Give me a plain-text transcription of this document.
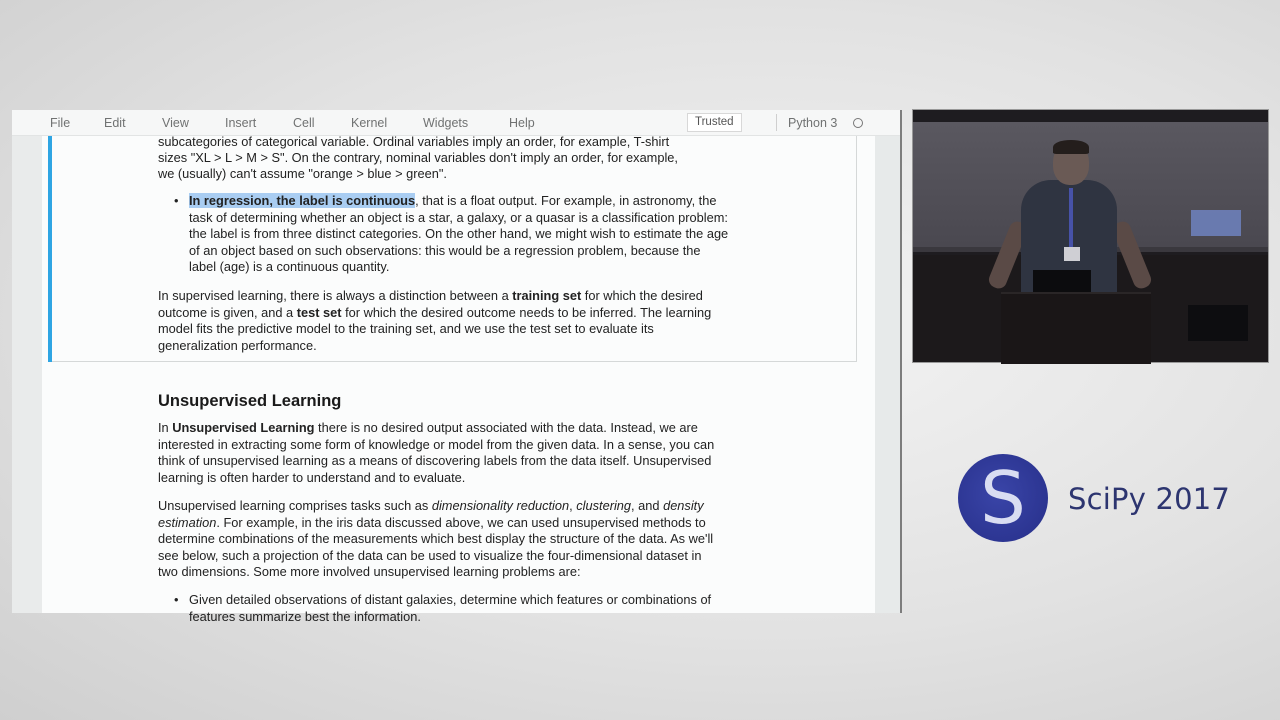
File	Edit	View	Insert	Cell	Kernel	Widgets	Help	Trusted	Python 3
subcategories of categorical variable. Ordinal variables imply an order, for example, T-shirt
sizes "XL > L > M > S". On the contrary, nominal variables don't imply an order, for example,
we (usually) can't assume "orange > blue > green".
• In regression, the label is continuous, that is a float output. For example, in astronomy, the
task of determining whether an object is a star, a galaxy, or a quasar is a classification problem:
the label is from three distinct categories. On the other hand, we might wish to estimate the age
of an object based on such observations: this would be a regression problem, because the
label (age) is a continuous quantity.
In supervised learning, there is always a distinction between a training set for which the desired
outcome is given, and a test set for which the desired outcome needs to be inferred. The learning
model fits the predictive model to the training set, and we use the test set to evaluate its
generalization performance.
Unsupervised Learning
In Unsupervised Learning there is no desired output associated with the data. Instead, we are
interested in extracting some form of knowledge or model from the given data. In a sense, you can
think of unsupervised learning as a means of discovering labels from the data itself. Unsupervised
learning is often harder to understand and to evaluate.
Unsupervised learning comprises tasks such as dimensionality reduction, clustering, and density
estimation. For example, in the iris data discussed above, we can used unsupervised methods to
determine combinations of the measurements which best display the structure of the data. As we'll
see below, such a projection of the data can be used to visualize the four-dimensional dataset in
two dimensions. Some more involved unsupervised learning problems are:
• Given detailed observations of distant galaxies, determine which features or combinations of
features summarize best the information.
S	SciPy 2017
